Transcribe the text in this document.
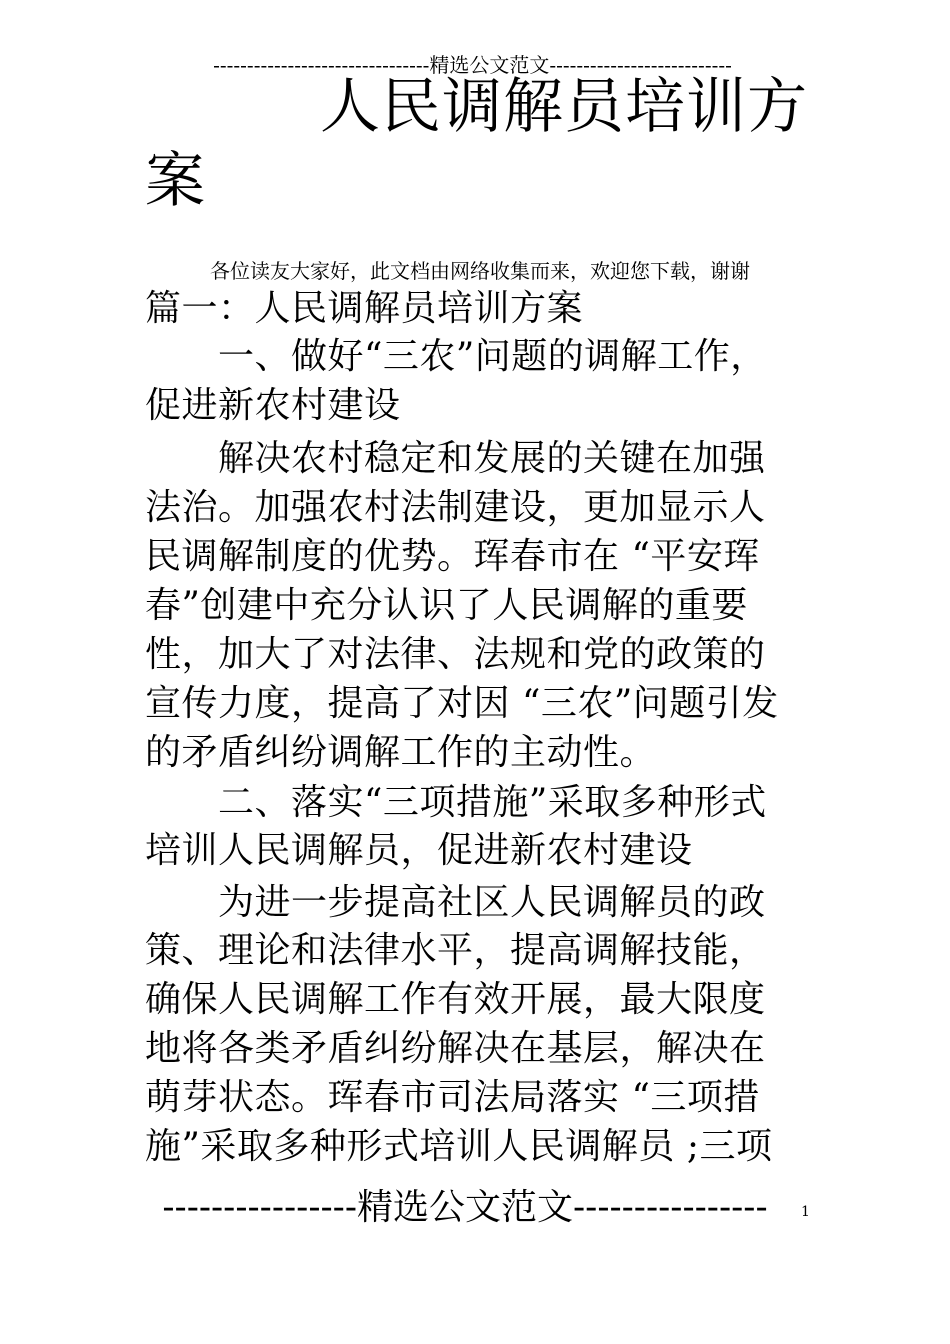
--------------------------------精选公文范文---------------------------
人民调解员培训方
案
各位读友大家好，此文档由网络收集而来，欢迎您下载，谢谢
篇一：人民调解员培训方案
　　一、做好“三农”问题的调解工作，
促进新农村建设
　　解决农村稳定和发展的关键在加强
法治。加强农村法制建设，更加显示人
民调解制度的优势。珲春市在 “平安珲
春”创建中充分认识了人民调解的重要
性，加大了对法律、法规和党的政策的
宣传力度，提高了对因 “三农”问题引发
的矛盾纠纷调解工作的主动性。
　　二、落实“三项措施”采取多种形式
培训人民调解员，促进新农村建设
　　为进一步提高社区人民调解员的政
策、理论和法律水平，提高调解技能，
确保人民调解工作有效开展，最大限度
地将各类矛盾纠纷解决在基层，解决在
萌芽状态。珲春市司法局落实 “三项措
施”采取多种形式培训人民调解员 ;三项
----------------精选公文范文----------------	1
